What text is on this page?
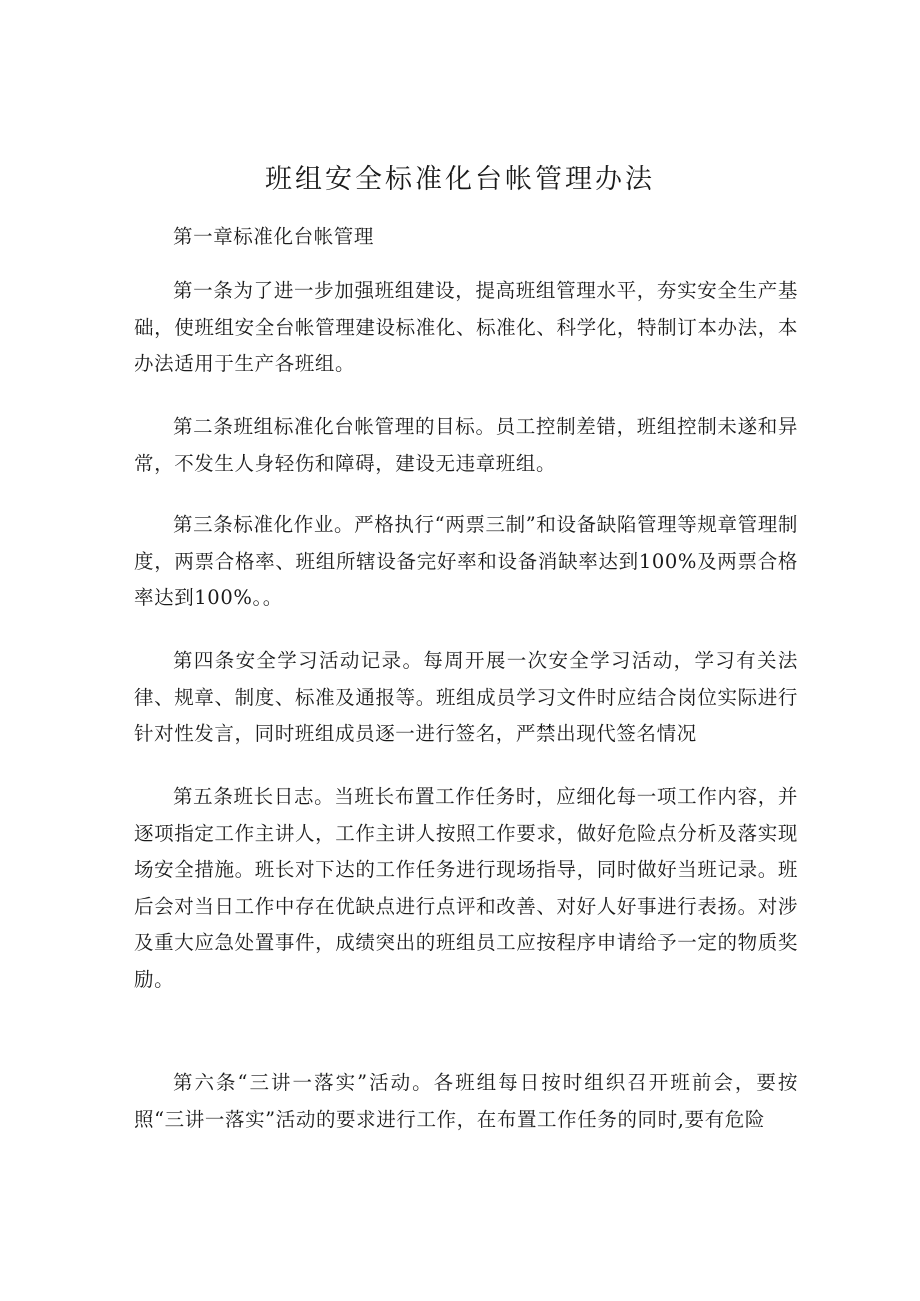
班组安全标准化台帐管理办法

第一章标准化台帐管理

第一条为了进一步加强班组建设，提高班组管理水平，夯实安全生产基础，使班组安全台帐管理建设标准化、标准化、科学化，特制订本办法，本办法适用于生产各班组。

第二条班组标准化台帐管理的目标。员工控制差错，班组控制未遂和异常，不发生人身轻伤和障碍，建设无违章班组。

第三条标准化作业。严格执行“两票三制”和设备缺陷管理等规章管理制度，两票合格率、班组所辖设备完好率和设备消缺率达到100%及两票合格率达到100%。。

第四条安全学习活动记录。每周开展一次安全学习活动，学习有关法律、规章、制度、标准及通报等。班组成员学习文件时应结合岗位实际进行针对性发言，同时班组成员逐一进行签名，严禁出现代签名情况

第五条班长日志。当班长布置工作任务时，应细化每一项工作内容，并逐项指定工作主讲人，工作主讲人按照工作要求，做好危险点分析及落实现场安全措施。班长对下达的工作任务进行现场指导，同时做好当班记录。班后会对当日工作中存在优缺点进行点评和改善、对好人好事进行表扬。对涉及重大应急处置事件，成绩突出的班组员工应按程序申请给予一定的物质奖励。

第六条“三讲一落实”活动。各班组每日按时组织召开班前会，要按照“三讲一落实”活动的要求进行工作，在布置工作任务的同时,要有危险
